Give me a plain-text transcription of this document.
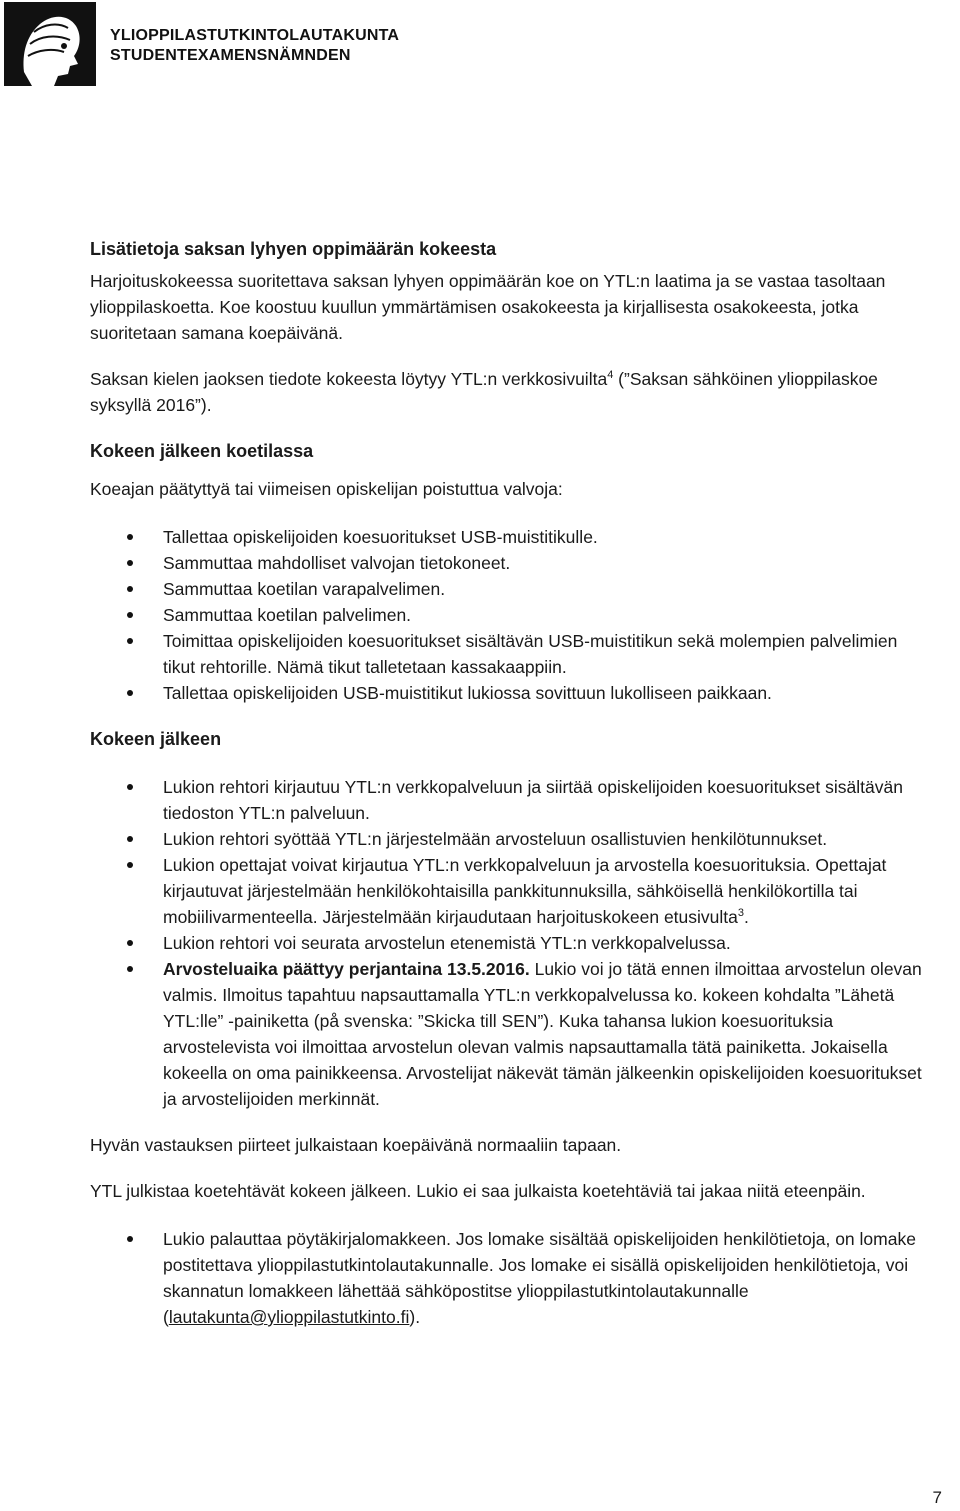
YLIOPPILASTUTKINTOLAUTAKUNTA
STUDENTEXAMENSNÄMNDEN
Lisätietoja saksan lyhyen oppimäärän kokeesta

Harjoituskokeessa suoritettava saksan lyhyen oppimäärän koe on YTL:n laatima ja se vastaa tasoltaan ylioppilaskoetta. Koe koostuu kuullun ymmärtämisen osakokeesta ja kirjallisesta osakokeesta, jotka suoritetaan samana koepäivänä.

Saksan kielen jaoksen tiedote kokeesta löytyy YTL:n verkkosivuilta$^4$ (”Saksan sähköinen ylioppilaskoe syksyllä 2016”).

Kokeen jälkeen koetilassa

Koeajan päätyttyä tai viimeisen opiskelijan poistuttua valvoja:

Tallettaa opiskelijoiden koesuoritukset USB-muistitikulle.
Sammuttaa mahdolliset valvojan tietokoneet.
Sammuttaa koetilan varapalvelimen.
Sammuttaa koetilan palvelimen.
Toimittaa opiskelijoiden koesuoritukset sisältävän USB-muistitikun sekä molempien palvelimien tikut rehtorille. Nämä tikut talletetaan kassakaappiin.
Tallettaa opiskelijoiden USB-muistitikut lukiossa sovittuun lukolliseen paikkaan.
Kokeen jälkeen
Lukion rehtori kirjautuu YTL:n verkkopalveluun ja siirtää opiskelijoiden koesuoritukset sisältävän tiedoston YTL:n palveluun.
Lukion rehtori syöttää YTL:n järjestelmään arvosteluun osallistuvien henkilötunnukset.
Lukion opettajat voivat kirjautua YTL:n verkkopalveluun ja arvostella koesuorituksia. Opettajat kirjautuvat järjestelmään henkilökohtaisilla pankkitunnuksilla, sähköisellä henkilökortilla tai mobiilivarmenteella. Järjestelmään kirjaudutaan harjoituskokeen etusivulta$^3$.
Lukion rehtori voi seurata arvostelun etenemistä YTL:n verkkopalvelussa.
Arvosteluaika päättyy perjantaina 13.5.2016. Lukio voi jo tätä ennen ilmoittaa arvostelun olevan valmis. Ilmoitus tapahtuu napsauttamalla YTL:n verkkopalvelussa ko. kokeen kohdalta ”Lähetä YTL:lle” -painiketta (på svenska: ”Skicka till SEN”). Kuka tahansa lukion koesuorituksia arvostelevista voi ilmoittaa arvostelun olevan valmis napsauttamalla tätä painiketta. Jokaisella kokeella on oma painikkeensa. Arvostelijat näkevät tämän jälkeenkin opiskelijoiden koesuoritukset ja arvostelijoiden merkinnät.

Hyvän vastauksen piirteet julkaistaan koepäivänä normaaliin tapaan.

YTL julkistaa koetehtävät kokeen jälkeen. Lukio ei saa julkaista koetehtäviä tai jakaa niitä eteenpäin.

Lukio palauttaa pöytäkirjalomakkeen. Jos lomake sisältää opiskelijoiden henkilötietoja, on lomake postitettava ylioppilastutkintolautakunnalle. Jos lomake ei sisällä opiskelijoiden henkilötietoja, voi skannatun lomakkeen lähettää sähköpostitse ylioppilastutkintolautakunnalle (lautakunta@ylioppilastutkinto.fi).
7
